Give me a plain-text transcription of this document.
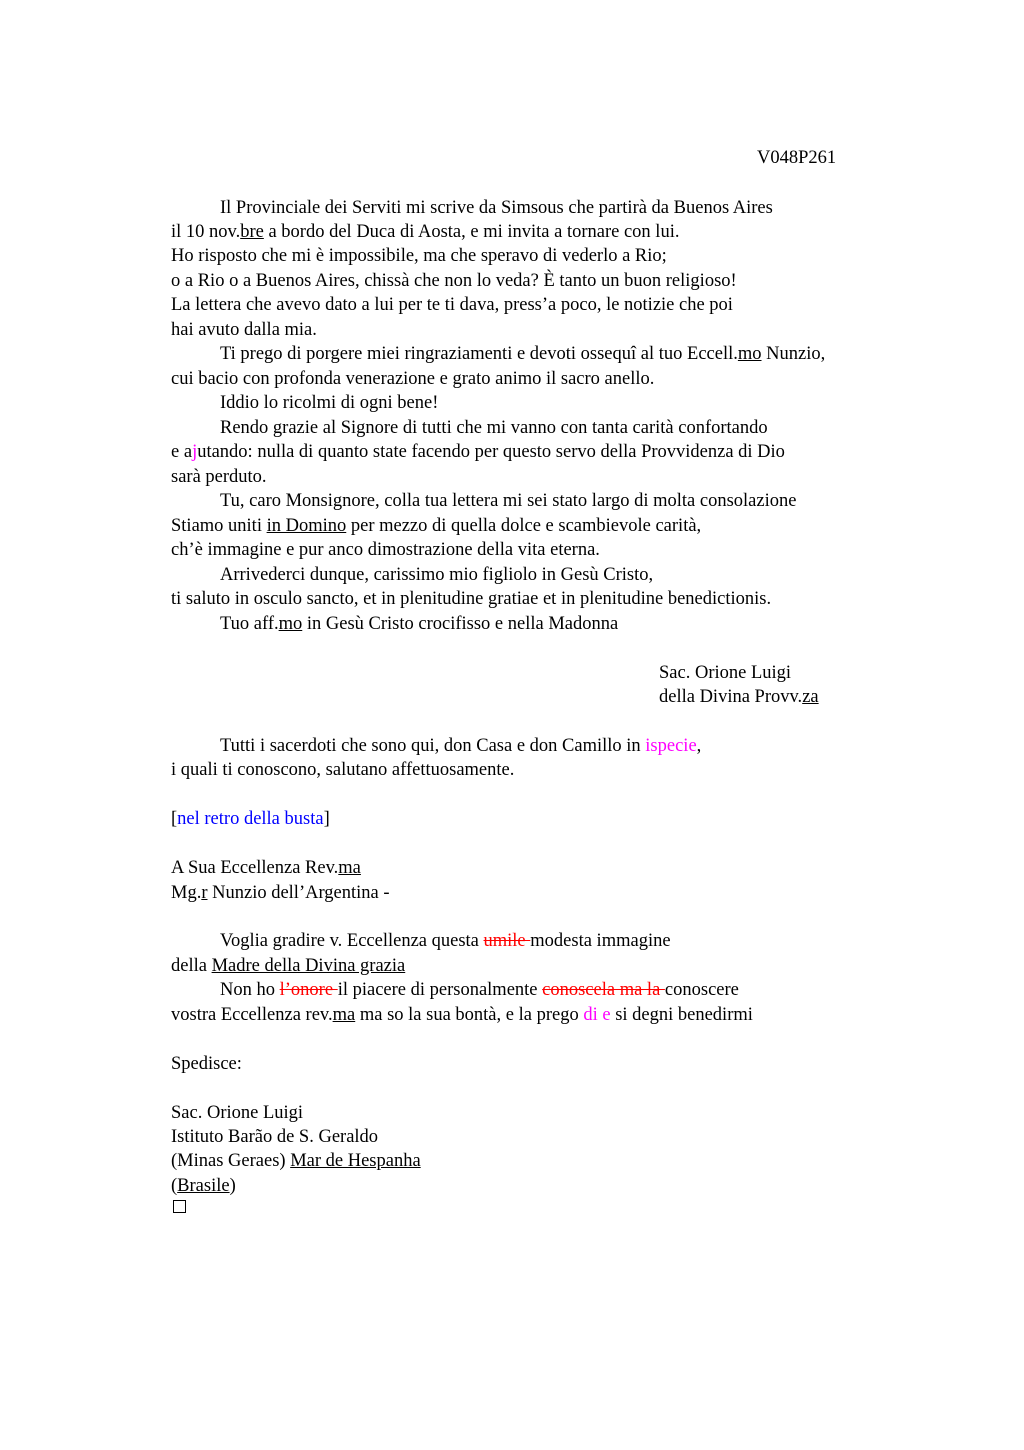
V048P261
Il Provinciale dei Serviti mi scrive da Simsous che partirà da Buenos Aires
il 10 nov.bre a bordo del Duca di Aosta, e mi invita a tornare con lui.
Ho risposto che mi è impossibile, ma che speravo di vederlo a Rio;
o a Rio o a Buenos Aires, chissà che non lo veda? È tanto un buon religioso!
La lettera che avevo dato a lui per te ti dava, press’a poco, le notizie che poi
hai avuto dalla mia.
Ti prego di porgere miei ringraziamenti e devoti ossequî al tuo Eccell.mo Nunzio,
cui bacio con profonda venerazione e grato animo il sacro anello.
Iddio lo ricolmi di ogni bene!
Rendo grazie al Signore di tutti che mi vanno con tanta carità confortando
e ajutando: nulla di quanto state facendo per questo servo della Provvidenza di Dio
sarà perduto.
Tu, caro Monsignore, colla tua lettera mi sei stato largo di molta consolazione
Stiamo uniti in Domino per mezzo di quella dolce e scambievole carità,
ch’è immagine e pur anco dimostrazione della vita eterna.
Arrivederci dunque, carissimo mio figliolo in Gesù Cristo,
ti saluto in osculo sancto, et in plenitudine gratiae et in plenitudine benedictionis.
Tuo aff.mo in Gesù Cristo crocifisso e nella Madonna
Sac. Orione Luigi
della Divina Provv.za
Tutti i sacerdoti che sono qui, don Casa e don Camillo in ispecie,
i quali ti conoscono, salutano affettuosamente.
[nel retro della busta]
A Sua Eccellenza Rev.ma
Mg.r Nunzio dell’Argentina -
Voglia gradire v. Eccellenza questa umile modesta immagine
della Madre della Divina grazia
Non ho l’onore il piacere di personalmente conoscela ma la conoscere
vostra Eccellenza rev.ma ma so la sua bontà, e la prego di e si degni benedirmi
Spedisce:
Sac. Orione Luigi
Istituto Barão de S. Geraldo
(Minas Geraes) Mar de Hespanha
(Brasile)
